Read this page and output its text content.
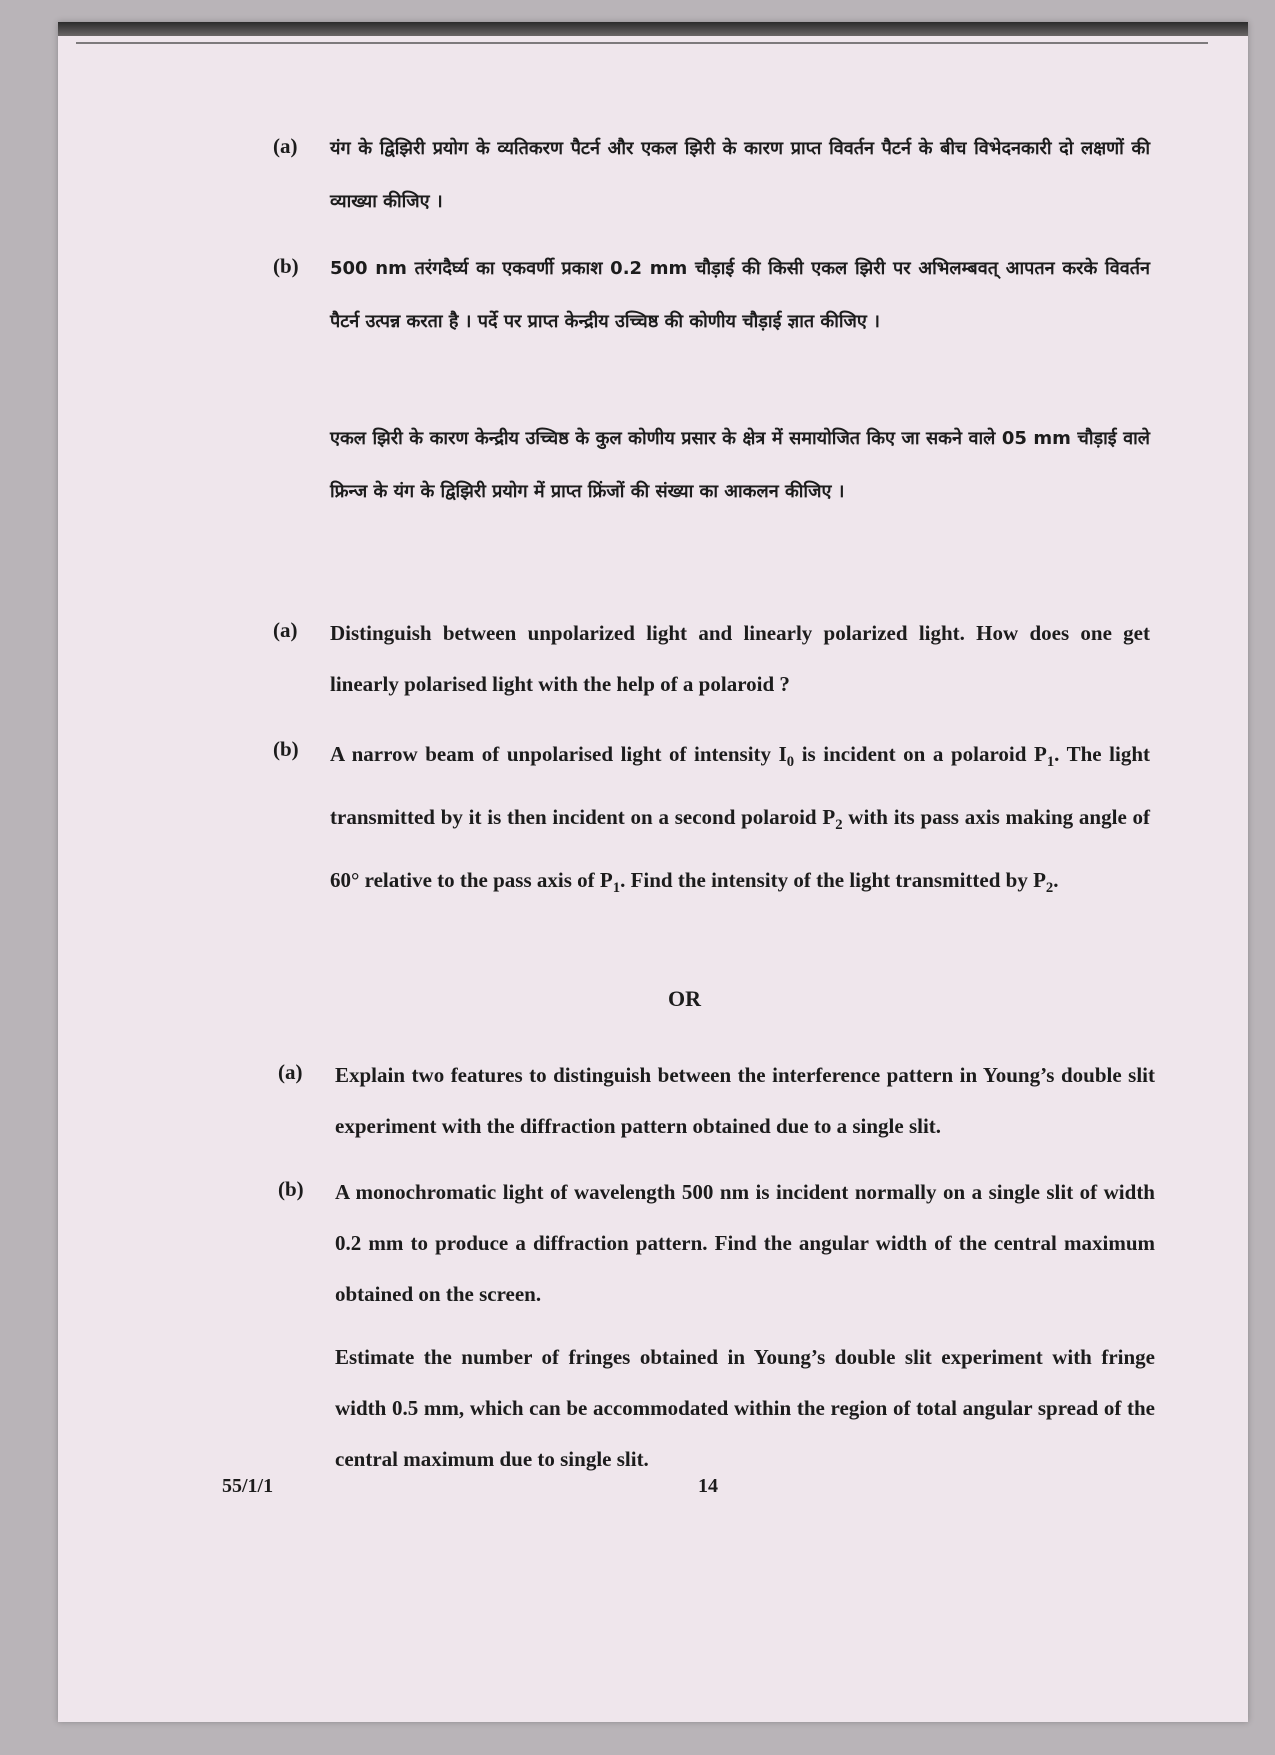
(a) यंग के द्विझिरी प्रयोग के व्यतिकरण पैटर्न और एकल झिरी के कारण प्राप्त विवर्तन पैटर्न के बीच विभेदनकारी दो लक्षणों की व्याख्या कीजिए ।
(b) 500 nm तरंगदैर्घ्य का एकवर्णी प्रकाश 0.2 mm चौड़ाई की किसी एकल झिरी पर अभिलम्बवत् आपतन करके विवर्तन पैटर्न उत्पन्न करता है । पर्दे पर प्राप्त केन्द्रीय उच्चिष्ठ की कोणीय चौड़ाई ज्ञात कीजिए ।
एकल झिरी के कारण केन्द्रीय उच्चिष्ठ के कुल कोणीय प्रसार के क्षेत्र में समायोजित किए जा सकने वाले 05 mm चौड़ाई वाले फ्रिन्ज के यंग के द्विझिरी प्रयोग में प्राप्त फ्रिंजों की संख्या का आकलन कीजिए ।
(a) Distinguish between unpolarized light and linearly polarized light. How does one get linearly polarised light with the help of a polaroid ?
(b) A narrow beam of unpolarised light of intensity $I_0$ is incident on a polaroid $P_1$. The light transmitted by it is then incident on a second polaroid $P_2$ with its pass axis making angle of 60° relative to the pass axis of $P_1$. Find the intensity of the light transmitted by $P_2$.
OR
(a) Explain two features to distinguish between the interference pattern in Young’s double slit experiment with the diffraction pattern obtained due to a single slit.
(b) A monochromatic light of wavelength 500 nm is incident normally on a single slit of width 0.2 mm to produce a diffraction pattern. Find the angular width of the central maximum obtained on the screen.
Estimate the number of fringes obtained in Young’s double slit experiment with fringe width 0.5 mm, which can be accommodated within the region of total angular spread of the central maximum due to single slit.
55/1/1	14
